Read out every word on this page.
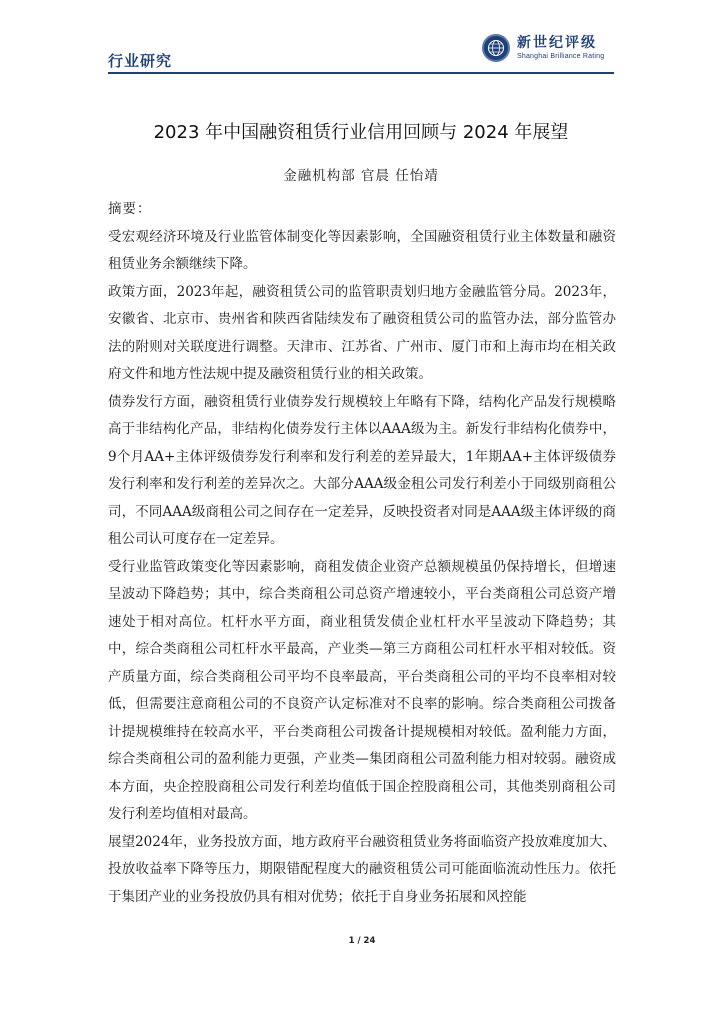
行业研究
新世纪评级
Shanghai Brilliance Rating
2023 年中国融资租赁行业信用回顾与 2024 年展望
金融机构部 官晨 任怡靖

摘要：

受宏观经济环境及行业监管体制变化等因素影响，全国融资租赁行业主体数量和融资租赁业务余额继续下降。

政策方面，2023年起，融资租赁公司的监管职责划归地方金融监管分局。2023年，安徽省、北京市、贵州省和陕西省陆续发布了融资租赁公司的监管办法，部分监管办法的附则对关联度进行调整。天津市、江苏省、广州市、厦门市和上海市均在相关政府文件和地方性法规中提及融资租赁行业的相关政策。

债券发行方面，融资租赁行业债券发行规模较上年略有下降，结构化产品发行规模略高于非结构化产品，非结构化债券发行主体以AAA级为主。新发行非结构化债券中，9个月AA+主体评级债券发行利率和发行利差的差异最大，1年期AA+主体评级债券发行利率和发行利差的差异次之。大部分AAA级金租公司发行利差小于同级别商租公司，不同AAA级商租公司之间存在一定差异，反映投资者对同是AAA级主体评级的商租公司认可度存在一定差异。

受行业监管政策变化等因素影响，商租发债企业资产总额规模虽仍保持增长，但增速呈波动下降趋势；其中，综合类商租公司总资产增速较小，平台类商租公司总资产增速处于相对高位。杠杆水平方面，商业租赁发债企业杠杆水平呈波动下降趋势；其中，综合类商租公司杠杆水平最高，产业类—第三方商租公司杠杆水平相对较低。资产质量方面，综合类商租公司平均不良率最高，平台类商租公司的平均不良率相对较低，但需要注意商租公司的不良资产认定标准对不良率的影响。综合类商租公司拨备计提规模维持在较高水平，平台类商租公司拨备计提规模相对较低。盈利能力方面，综合类商租公司的盈利能力更强，产业类—集团商租公司盈利能力相对较弱。融资成本方面，央企控股商租公司发行利差均值低于国企控股商租公司，其他类别商租公司发行利差均值相对最高。

展望2024年，业务投放方面，地方政府平台融资租赁业务将面临资产投放难度加大、投放收益率下降等压力，期限错配程度大的融资租赁公司可能面临流动性压力。依托于集团产业的业务投放仍具有相对优势；依托于自身业务拓展和风控能

1 / 24
